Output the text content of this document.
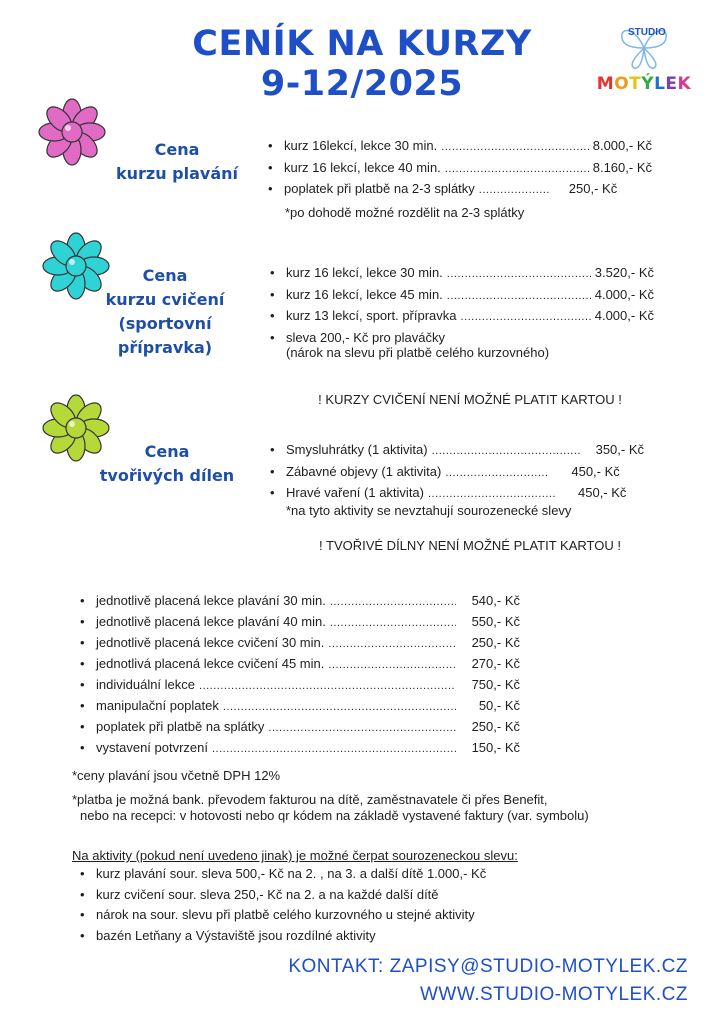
CENÍK NA KURZY
9-12/2025
STUDIO
MOTÝLEK
Cena
kurzu plavání
• kurz 16lekcí, lekce 30 min. .....	8.000,- Kč
• kurz 16 lekcí, lekce 40 min. .....	8.160,- Kč
• poplatek při platbě na 2-3 splátky .....	250,- Kč
*po dohodě možné rozdělit na 2-3 splátky
Cena
kurzu cvičení
(sportovní
přípravka)
• kurz 16 lekcí, lekce 30 min. .....	3.520,- Kč
• kurz 16 lekcí, lekce 45 min. .....	4.000,- Kč
• kurz 13 lekcí, sport. přípravka .....	4.000,- Kč
• sleva 200,- Kč pro plaváčky
(nárok na slevu při platbě celého kurzovného)
! KURZY CVIČENÍ NENÍ MOŽNÉ PLATIT KARTOU !
Cena
tvořivých dílen
• Smysluhrátky (1 aktivita) .....	350,- Kč
• Zábavné objevy (1 aktivita) .....	450,- Kč
• Hravé vaření (1 aktivita) .....	450,- Kč
*na tyto aktivity se nevztahují sourozenecké slevy
! TVOŘIVÉ DÍLNY NENÍ MOŽNÉ PLATIT KARTOU !
• jednotlivě placená lekce plavání 30 min. .....	540,- Kč
• jednotlivě placená lekce plavání 40 min. .....	550,- Kč
• jednotlivě placená lekce cvičení 30 min. .....	250,- Kč
• jednotlivá placená lekce cvičení 45 min. .....	270,- Kč
• individuální lekce .....	750,- Kč
• manipulační poplatek .....	50,- Kč
• poplatek při platbě na splátky .....	250,- Kč
• vystavení potvrzení .....	150,- Kč
*ceny plavání jsou včetně DPH 12%
*platba je možná bank. převodem fakturou na dítě, zaměstnavatele či přes Benefit,
nebo na recepci: v hotovosti nebo qr kódem na základě vystavené faktury (var. symbolu)
Na aktivity (pokud není uvedeno jinak) je možné čerpat sourozeneckou slevu:
• kurz plavání sour. sleva 500,- Kč na 2. , na 3. a další dítě 1.000,- Kč
• kurz cvičení sour. sleva 250,- Kč na 2. a na každé další dítě
• nárok na sour. slevu při platbě celého kurzovného u stejné aktivity
• bazén Letňany a Výstaviště jsou rozdílné aktivity
KONTAKT: ZAPISY@STUDIO-MOTYLEK.CZ
WWW.STUDIO-MOTYLEK.CZ
